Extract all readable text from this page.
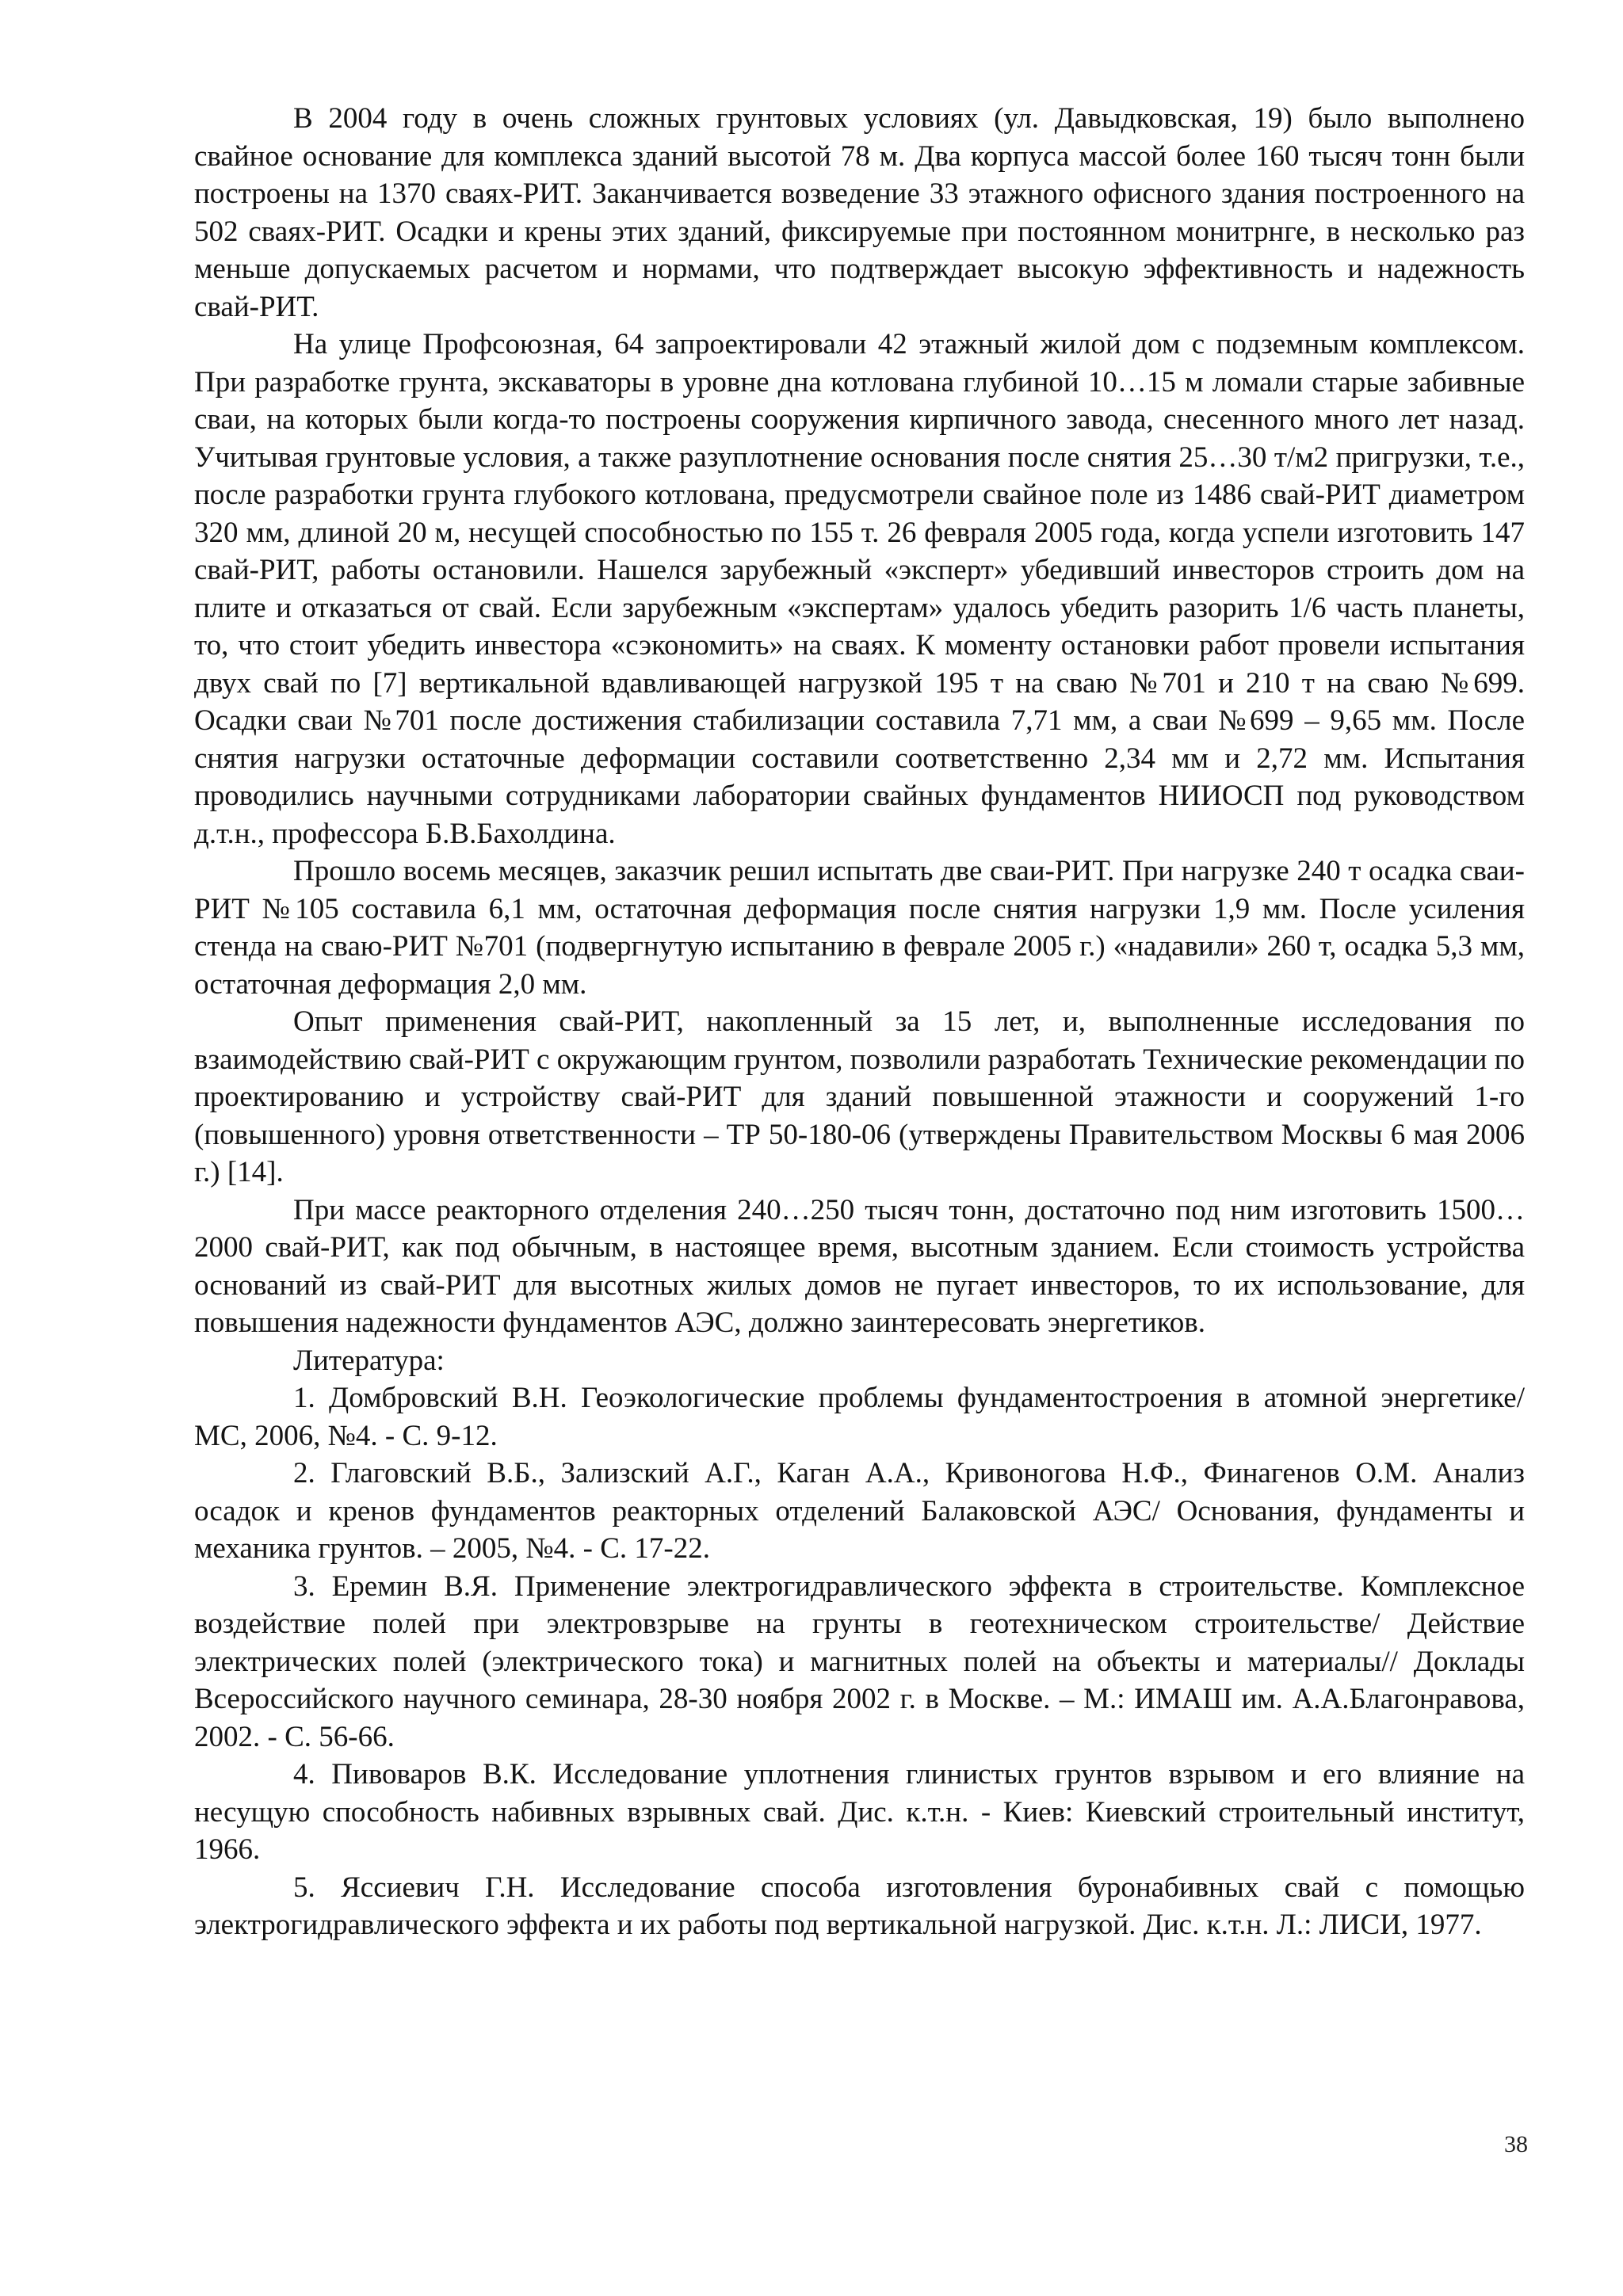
В 2004 году в очень сложных грунтовых условиях (ул. Давыдковская, 19) было выполнено свайное основание для комплекса зданий высотой 78 м. Два корпуса массой более 160 тысяч тонн были построены на 1370 сваях-РИТ. Заканчивается возведение 33 этажного офисного здания построенного на 502 сваях-РИТ. Осадки и крены этих зданий, фиксируемые при постоянном монитрнге, в несколько раз меньше допускаемых расчетом и нормами, что подтверждает высокую эффективность и надежность свай-РИТ.

На улице Профсоюзная, 64 запроектировали 42 этажный жилой дом с подземным комплексом. При разработке грунта, экскаваторы в уровне дна котлована глубиной 10…15 м ломали старые забивные сваи, на которых были когда-то построены сооружения кирпичного завода, снесенного много лет назад. Учитывая грунтовые условия, а также разуплотнение основания после снятия 25…30 т/м2 пригрузки, т.е., после разработки грунта глубокого котлована, предусмотрели свайное поле из 1486 свай-РИТ диаметром 320 мм, длиной 20 м, несущей способностью по 155 т. 26 февраля 2005 года, когда успели изготовить 147 свай-РИТ, работы остановили. Нашелся зарубежный «эксперт» убедивший инвесторов строить дом на плите и отказаться от свай. Если зарубежным «экспертам» удалось убедить разорить 1/6 часть планеты, то, что стоит убедить инвестора «сэкономить» на сваях. К моменту остановки работ провели испытания двух свай по [7] вертикальной вдавливающей нагрузкой 195 т на сваю №701 и 210 т на сваю №699. Осадки сваи №701 после достижения стабилизации составила 7,71 мм, а сваи №699 – 9,65 мм. После снятия нагрузки остаточные деформации составили соответственно 2,34 мм и 2,72 мм. Испытания проводились научными сотрудниками лаборатории свайных фундаментов НИИОСП под руководством д.т.н., профессора Б.В.Бахолдина.

Прошло восемь месяцев, заказчик решил испытать две сваи-РИТ. При нагрузке 240 т осадка сваи-РИТ №105 составила 6,1 мм, остаточная деформация после снятия нагрузки 1,9 мм. После усиления стенда на сваю-РИТ №701 (подвергнутую испытанию в феврале 2005 г.) «надавили» 260 т, осадка 5,3 мм, остаточная деформация 2,0 мм.

Опыт применения свай-РИТ, накопленный за 15 лет, и, выполненные исследования по взаимодействию свай-РИТ с окружающим грунтом, позволили разработать Технические рекомендации по проектированию и устройству свай-РИТ для зданий повышенной этажности и сооружений 1-го (повышенного) уровня ответственности – ТР 50-180-06 (утверждены Правительством Москвы 6 мая 2006 г.) [14].

При массе реакторного отделения 240…250 тысяч тонн, достаточно под ним изготовить 1500…2000 свай-РИТ, как под обычным, в настоящее время, высотным зданием. Если стоимость устройства оснований из свай-РИТ для высотных жилых домов не пугает инвесторов, то их использование, для повышения надежности фундаментов АЭС, должно заинтересовать энергетиков.

Литература:
1. Домбровский В.Н. Геоэкологические проблемы фундаментостроения в атомной энергетике/ МС, 2006, №4. - С. 9-12.
2. Глаговский В.Б., Зализский А.Г., Каган А.А., Кривоногова Н.Ф., Финагенов О.М. Анализ осадок и кренов фундаментов реакторных отделений Балаковской АЭС/ Основания, фундаменты и механика грунтов. – 2005, №4. - С. 17-22.
3. Еремин В.Я. Применение электрогидравлического эффекта в строительстве. Комплексное воздействие полей при электровзрыве на грунты в геотехническом строительстве/ Действие электрических полей (электрического тока) и магнитных полей на объекты и материалы// Доклады Всероссийского научного семинара, 28-30 ноября 2002 г. в Москве. – М.: ИМАШ им. А.А.Благонравова, 2002. - С. 56-66.
4. Пивоваров В.К. Исследование уплотнения глинистых грунтов взрывом и его влияние на несущую способность набивных взрывных свай. Дис. к.т.н. - Киев: Киевский строительный институт, 1966.
5. Яссиевич Г.Н. Исследование способа изготовления буронабивных свай с помощью электрогидравлического эффекта и их работы под вертикальной нагрузкой. Дис. к.т.н. Л.: ЛИСИ, 1977.
38
